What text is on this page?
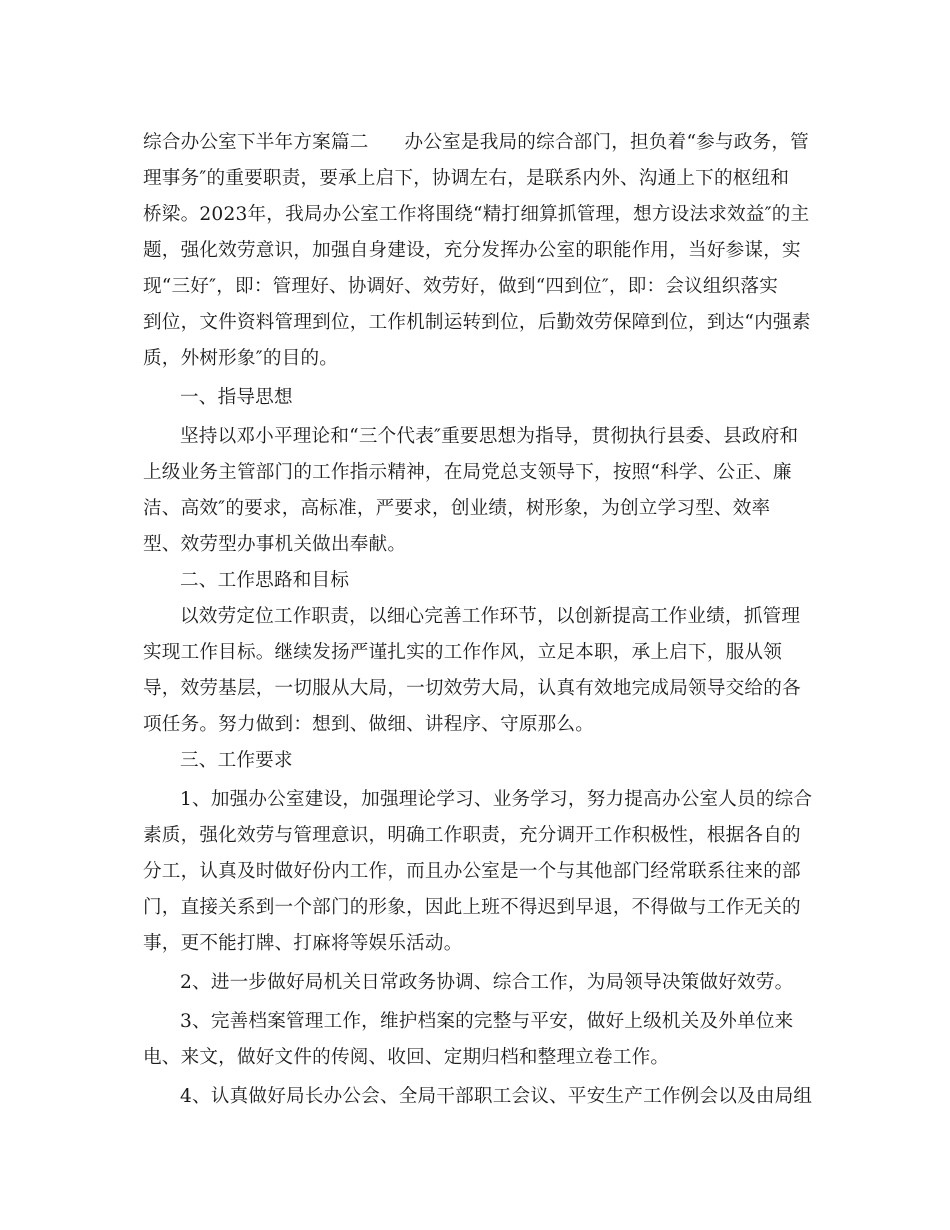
综合办公室下半年方案篇二 办公室是我局的综合部门，担负着“参与政务，管
理事务″的重要职责，要承上启下，协调左右，是联系内外、沟通上下的枢纽和
桥梁。2023年，我局办公室工作将围绕“精打细算抓管理，想方设法求效益″的主
题，强化效劳意识，加强自身建设，充分发挥办公室的职能作用，当好参谋，实
现“三好″，即：管理好、协调好、效劳好，做到“四到位″，即：会议组织落实
到位，文件资料管理到位，工作机制运转到位，后勤效劳保障到位，到达“内强素
质，外树形象″的目的。
一、指导思想
坚持以邓小平理论和“三个代表″重要思想为指导，贯彻执行县委、县政府和
上级业务主管部门的工作指示精神，在局党总支领导下，按照“科学、公正、廉
洁、高效″的要求，高标准，严要求，创业绩，树形象，为创立学习型、效率
型、效劳型办事机关做出奉献。
二、工作思路和目标
以效劳定位工作职责，以细心完善工作环节，以创新提高工作业绩，抓管理
实现工作目标。继续发扬严谨扎实的工作作风，立足本职，承上启下，服从领
导，效劳基层，一切服从大局，一切效劳大局，认真有效地完成局领导交给的各
项任务。努力做到：想到、做细、讲程序、守原那么。
三、工作要求
1、加强办公室建设，加强理论学习、业务学习，努力提高办公室人员的综合
素质，强化效劳与管理意识，明确工作职责，充分调开工作积极性，根据各自的
分工，认真及时做好份内工作，而且办公室是一个与其他部门经常联系往来的部
门，直接关系到一个部门的形象，因此上班不得迟到早退，不得做与工作无关的
事，更不能打牌、打麻将等娱乐活动。
2、进一步做好局机关日常政务协调、综合工作，为局领导决策做好效劳。
3、完善档案管理工作，维护档案的完整与平安，做好上级机关及外单位来
电、来文，做好文件的传阅、收回、定期归档和整理立卷工作。
4、认真做好局长办公会、全局干部职工会议、平安生产工作例会以及由局组
